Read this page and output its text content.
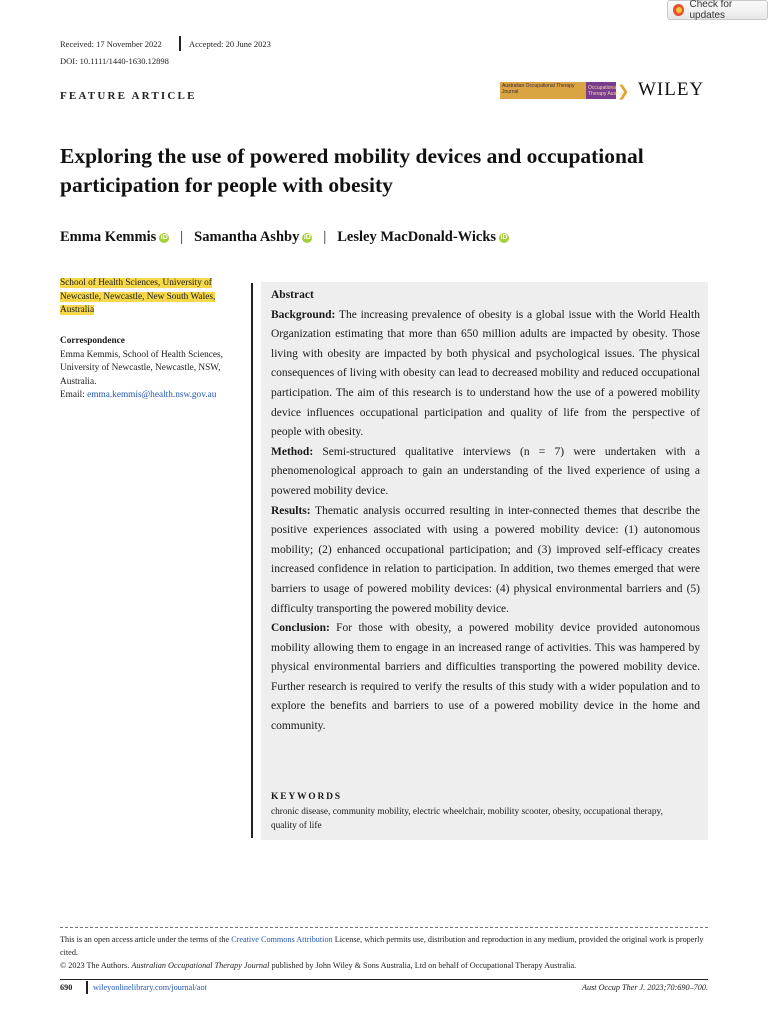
Check for updates
Received: 17 November 2022	Accepted: 20 June 2023
DOI: 10.1111/1440-1630.12898
FEATURE ARTICLE
Australian Occupational Therapy
Journal
Occupational
Therapy Australia
❯ WILEY
Exploring the use of powered mobility devices and occupational participation for people with obesity
Emma Kemmis iD | Samantha Ashby iD | Lesley MacDonald-Wicks iD
School of Health Sciences, University of Newcastle, Newcastle, New South Wales, Australia
Correspondence
Emma Kemmis, School of Health Sciences, University of Newcastle, Newcastle, NSW, Australia.
Email: emma.kemmis@health.nsw.gov.au
Abstract

Background: The increasing prevalence of obesity is a global issue with the World Health Organization estimating that more than 650 million adults are impacted by obesity. Those living with obesity are impacted by both physical and psychological issues. The physical consequences of living with obesity can lead to decreased mobility and reduced occupational participation. The aim of this research is to understand how the use of a powered mobility device influences occupational participation and quality of life from the perspective of people with obesity.

Method: Semi-structured qualitative interviews (n = 7) were undertaken with a phenomenological approach to gain an understanding of the lived experience of using a powered mobility device.

Results: Thematic analysis occurred resulting in inter-connected themes that describe the positive experiences associated with using a powered mobility device: (1) autonomous mobility; (2) enhanced occupational participation; and (3) improved self-efficacy creates increased confidence in relation to participation. In addition, two themes emerged that were barriers to usage of powered mobility devices: (4) physical environmental barriers and (5) difficulty transporting the powered mobility device.

Conclusion: For those with obesity, a powered mobility device provided autonomous mobility allowing them to engage in an increased range of activities. This was hampered by physical environmental barriers and difficulties transporting the powered mobility device. Further research is required to verify the results of this study with a wider population and to explore the benefits and barriers to use of a powered mobility device in the home and community.

KEYWORDS
chronic disease, community mobility, electric wheelchair, mobility scooter, obesity, occupational therapy, quality of life
This is an open access article under the terms of the Creative Commons Attribution License, which permits use, distribution and reproduction in any medium, provided the original work is properly cited.
© 2023 The Authors. Australian Occupational Therapy Journal published by John Wiley & Sons Australia, Ltd on behalf of Occupational Therapy Australia.
690	wileyonlinelibrary.com/journal/aot	Aust Occup Ther J. 2023;70:690–700.
